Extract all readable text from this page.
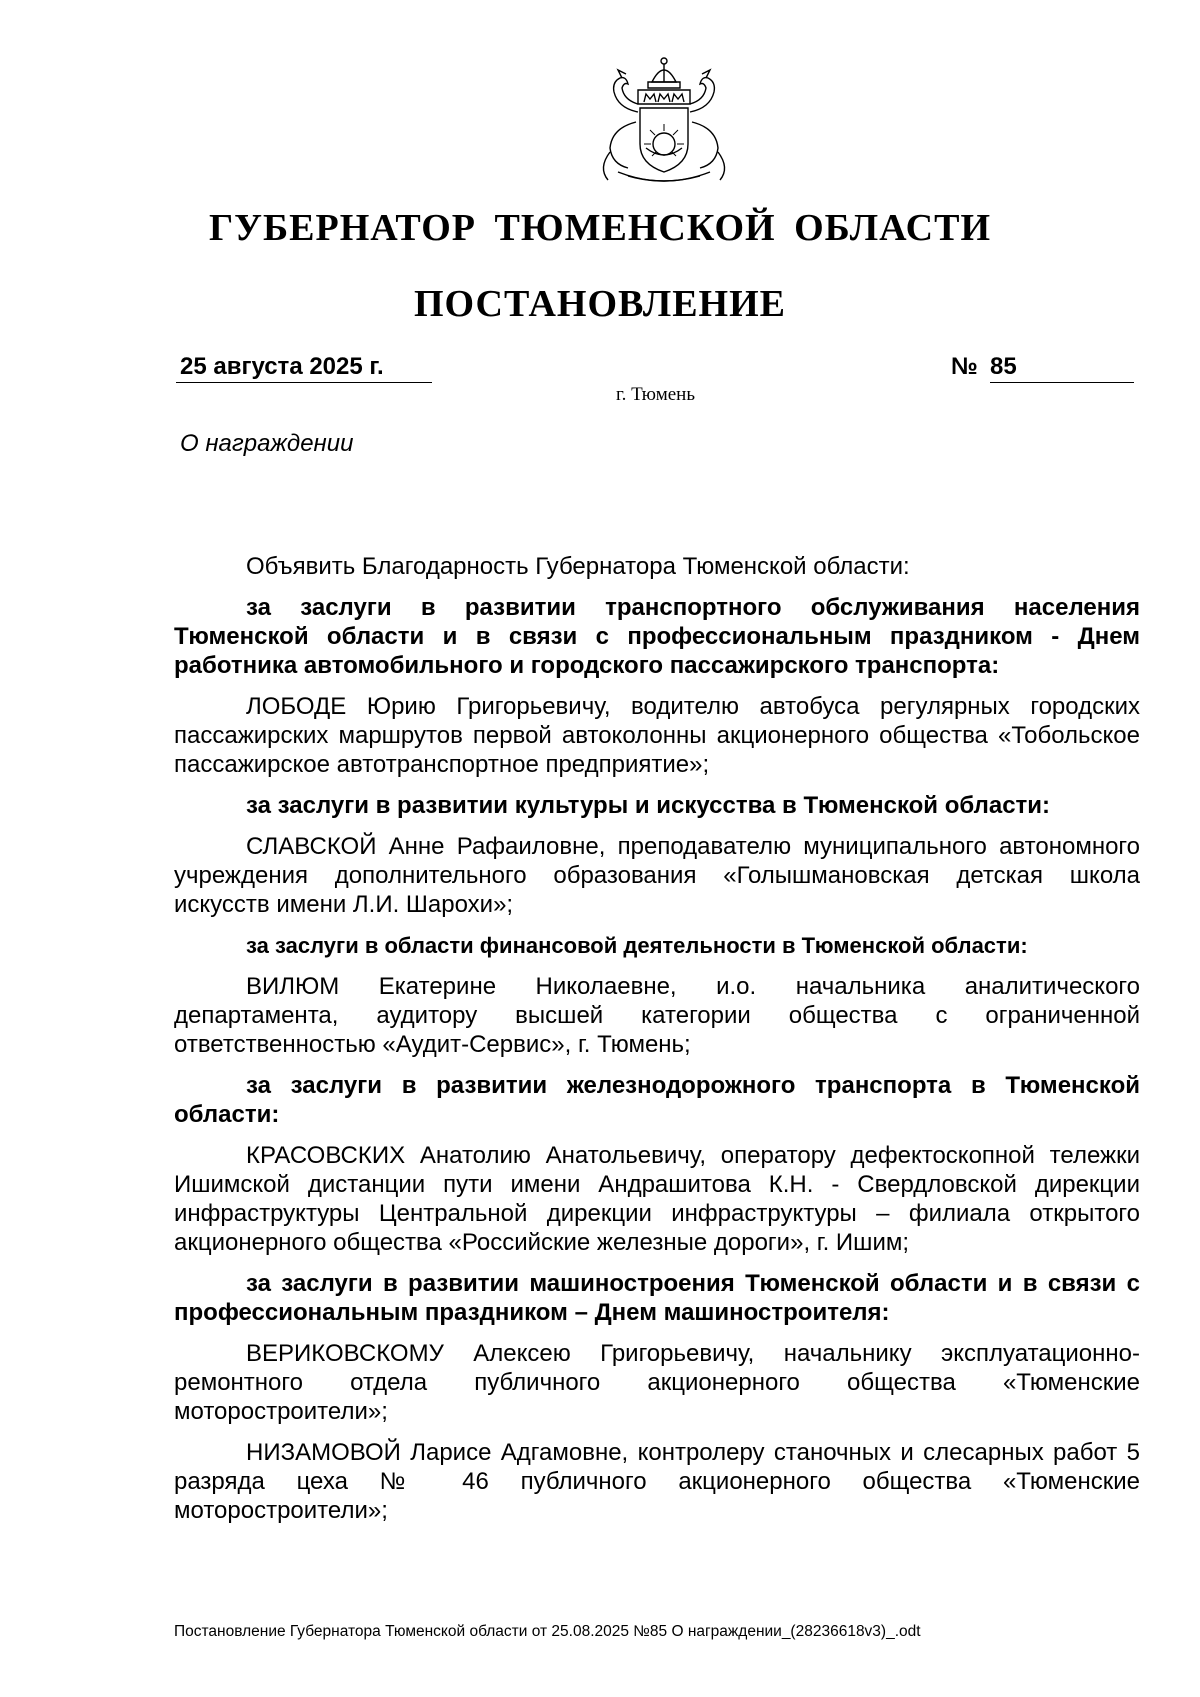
ГУБЕРНАТОР ТЮМЕНСКОЙ ОБЛАСТИ
ПОСТАНОВЛЕНИЕ
25 августа 2025 г.	№ 85
г. Тюмень
О награждении

Объявить Благодарность Губернатора Тюменской области:

за заслуги в развитии транспортного обслуживания населения Тюменской области и в связи с профессиональным праздником - Днем работника автомобильного и городского пассажирского транспорта:

ЛОБОДЕ Юрию Григорьевичу, водителю автобуса регулярных городских пассажирских маршрутов первой автоколонны акционерного общества «Тобольское пассажирское автотранспортное предприятие»;

за заслуги в развитии культуры и искусства в Тюменской области:

СЛАВСКОЙ Анне Рафаиловне, преподавателю муниципального автономного учреждения дополнительного образования «Голышмановская детская школа искусств имени Л.И. Шарохи»;

за заслуги в области финансовой деятельности в Тюменской области:

ВИЛЮМ Екатерине Николаевне, и.о. начальника аналитического департамента, аудитору высшей категории общества с ограниченной ответственностью «Аудит-Сервис», г. Тюмень;

за заслуги в развитии железнодорожного транспорта в Тюменской области:

КРАСОВСКИХ Анатолию Анатольевичу, оператору дефектоскопной тележки Ишимской дистанции пути имени Андрашитова К.Н. - Свердловской дирекции инфраструктуры Центральной дирекции инфраструктуры – филиала открытого акционерного общества «Российские железные дороги», г. Ишим;

за заслуги в развитии машиностроения Тюменской области и в связи с профессиональным праздником – Днем машиностроителя:

ВЕРИКОВСКОМУ Алексею Григорьевичу, начальнику эксплуатационно-ремонтного отдела публичного акционерного общества «Тюменские моторостроители»;

НИЗАМОВОЙ Ларисе Адгамовне, контролеру станочных и слесарных работ 5 разряда цеха № 46 публичного акционерного общества «Тюменские моторостроители»;

Постановление Губернатора Тюменской области от 25.08.2025 №85 О награждении_(28236618v3)_.odt
